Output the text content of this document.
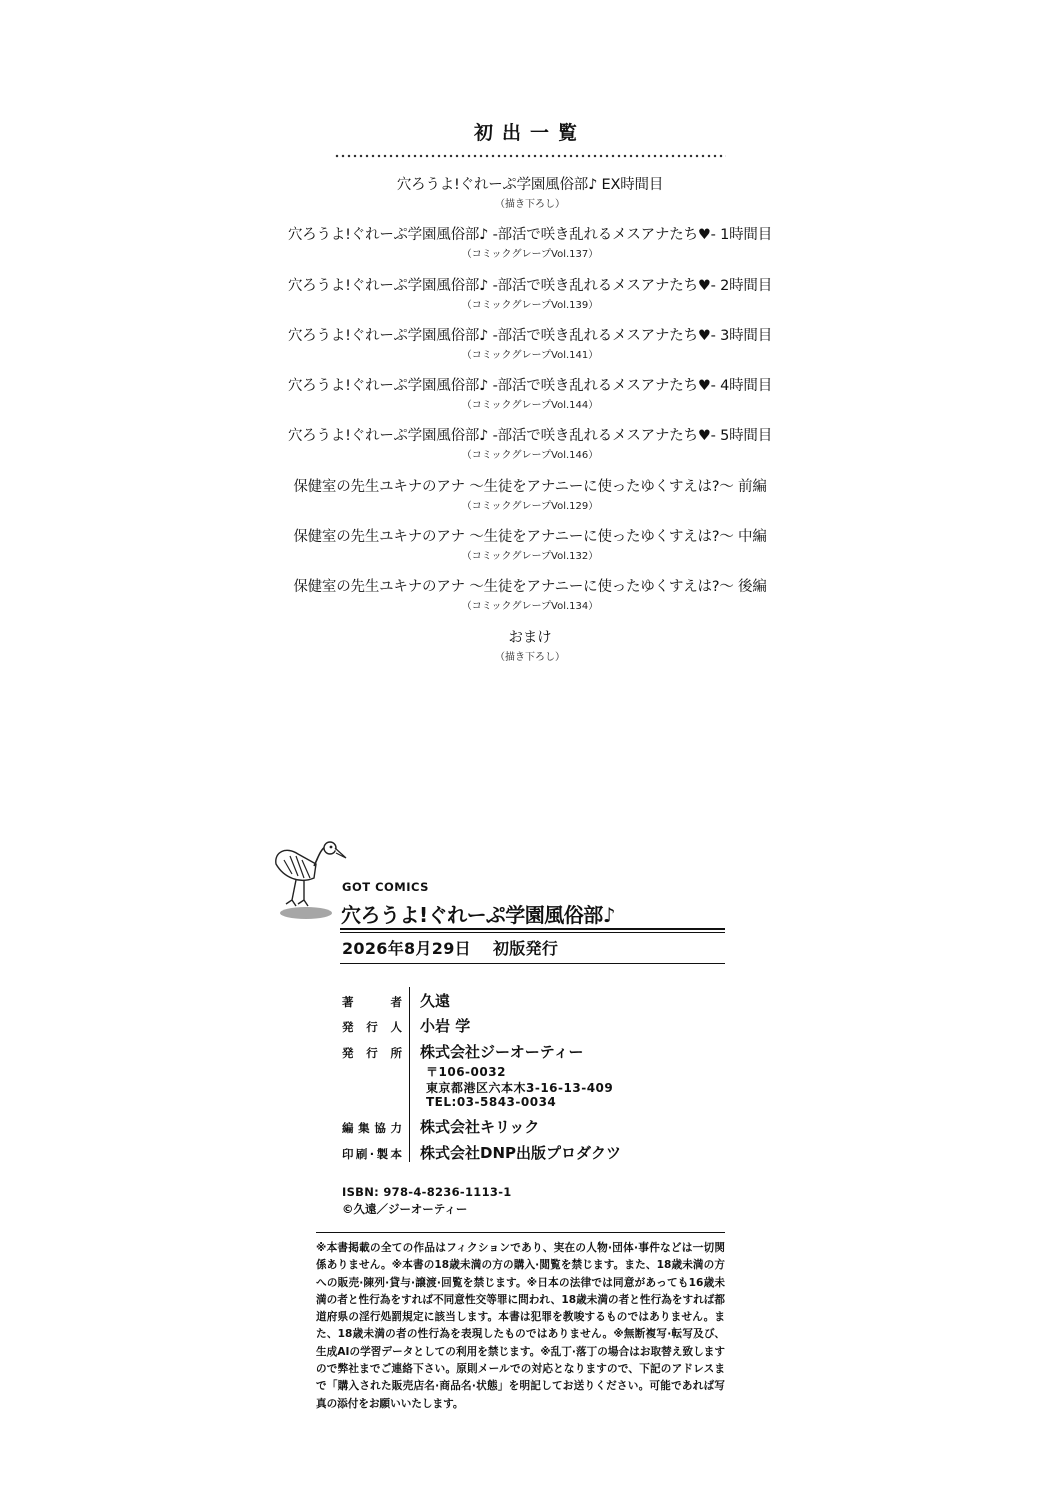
初出一覧
穴ろうよ!ぐれーぷ学園風俗部♪ EX時間目
（描き下ろし）
穴ろうよ!ぐれーぷ学園風俗部♪ -部活で咲き乱れるメスアナたち♥- 1時間目
（コミックグレープVol.137）
穴ろうよ!ぐれーぷ学園風俗部♪ -部活で咲き乱れるメスアナたち♥- 2時間目
（コミックグレープVol.139）
穴ろうよ!ぐれーぷ学園風俗部♪ -部活で咲き乱れるメスアナたち♥- 3時間目
（コミックグレープVol.141）
穴ろうよ!ぐれーぷ学園風俗部♪ -部活で咲き乱れるメスアナたち♥- 4時間目
（コミックグレープVol.144）
穴ろうよ!ぐれーぷ学園風俗部♪ -部活で咲き乱れるメスアナたち♥- 5時間目
（コミックグレープVol.146）
保健室の先生ユキナのアナ 〜生徒をアナニーに使ったゆくすえは?〜 前編
（コミックグレープVol.129）
保健室の先生ユキナのアナ 〜生徒をアナニーに使ったゆくすえは?〜 中編
（コミックグレープVol.132）
保健室の先生ユキナのアナ 〜生徒をアナニーに使ったゆくすえは?〜 後編
（コミックグレープVol.134）
おまけ
（描き下ろし）
GOT COMICS
穴ろうよ!ぐれーぷ学園風俗部♪
2026年8月29日 初版発行
著者 久遠
発行人 小岩 学
発行所 株式会社ジーオーティー
〒106-0032
東京都港区六本木3-16-13-409
TEL:03-5843-0034
編集協力 株式会社キリック
印刷·製本 株式会社DNP出版プロダクツ
ISBN: 978-4-8236-1113-1
©久遠／ジーオーティー
※本書掲載の全ての作品はフィクションであり、実在の人物·団体·事件などは一切関係ありません。※本書の18歳未満の方の購入·閲覧を禁じます。また、18歳未満の方への販売·陳列·貸与·譲渡·回覧を禁じます。※日本の法律では同意があっても16歳未満の者と性行為をすれば不同意性交等罪に問われ、18歳未満の者と性行為をすれば都道府県の淫行処罰規定に該当します。本書は犯罪を教唆するものではありません。また、18歳未満の者の性行為を表現したものではありません。※無断複写·転写及び、生成AIの学習データとしての利用を禁じます。※乱丁·落丁の場合はお取替え致しますので弊社までご連絡下さい。原則メールでの対応となりますので、下記のアドレスまで「購入された販売店名·商品名·状態」を明記してお送りください。可能であれば写真の添付をお願いいたします。
